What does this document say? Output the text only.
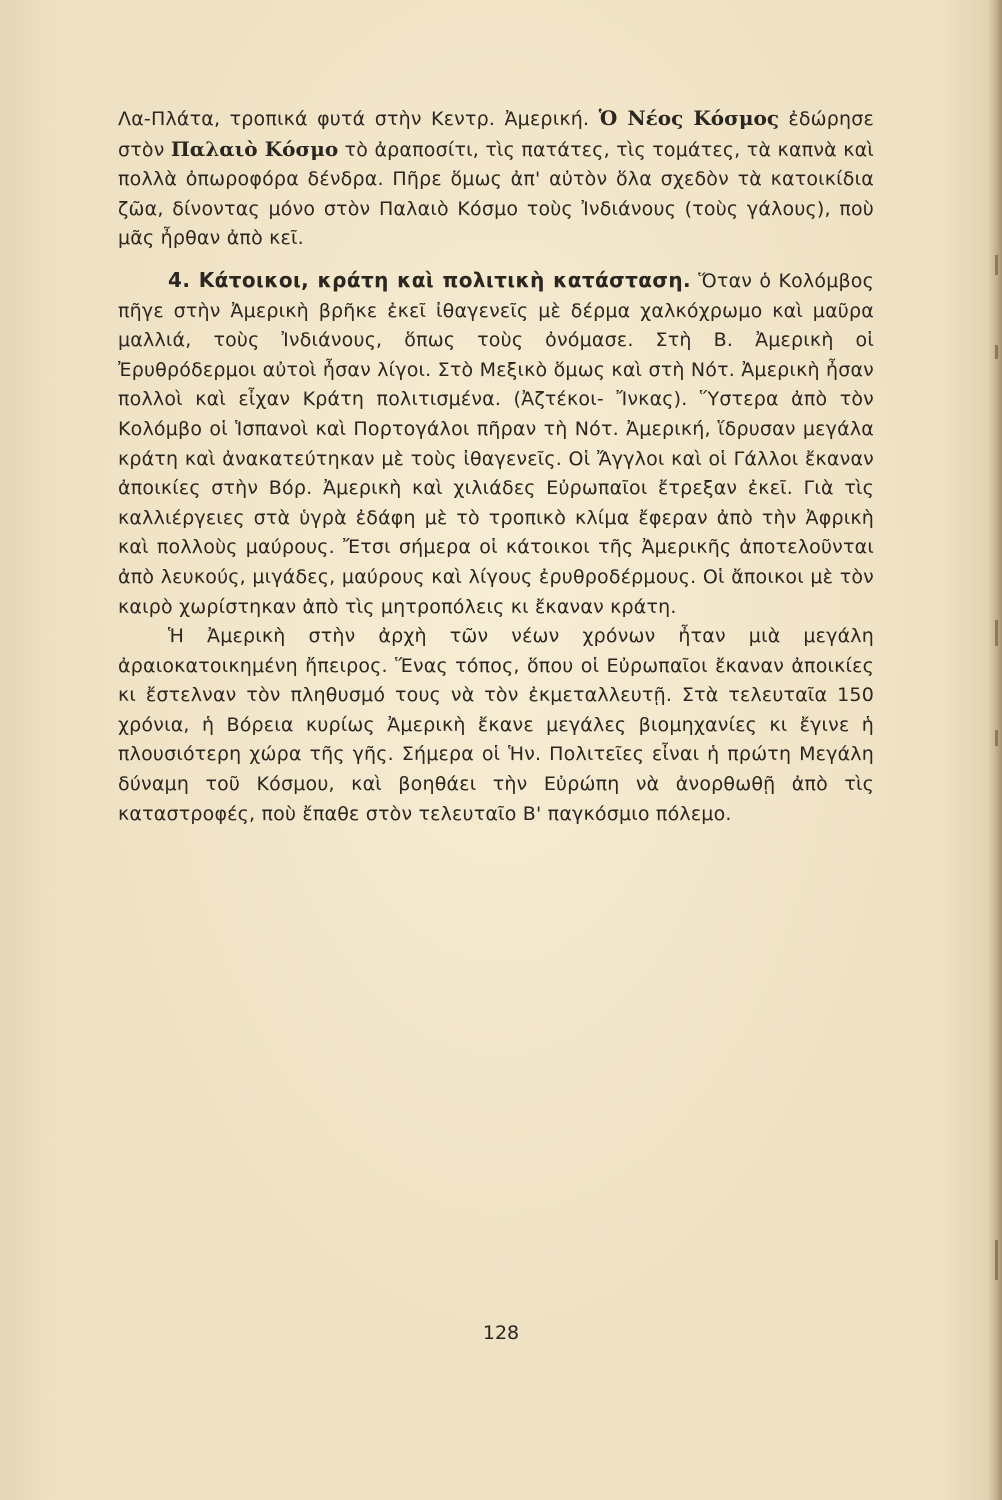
Λα-Πλάτα, τροπικά φυτά στὴν Κεντρ. Ἀμερική. Ὁ Νέος Κόσμος ἐδώρησε στὸν Παλαιὸ Κόσμο τὸ ἀραποσίτι, τὶς πατάτες, τὶς τομάτες, τὰ καπνὰ καὶ πολλὰ ὀπωροφόρα δένδρα. Πῆρε ὅμως ἀπ' αὐτὸν ὅλα σχεδὸν τὰ κατοικίδια ζῶα, δίνοντας μόνο στὸν Παλαιὸ Κόσμο τοὺς Ἰνδιάνους (τοὺς γάλους), ποὺ μᾶς ἦρθαν ἀπὸ κεῖ.

4. Κάτοικοι, κράτη καὶ πολιτικὴ κατάσταση. Ὅταν ὁ Κολόμβος πῆγε στὴν Ἀμερικὴ βρῆκε ἐκεῖ ἰθαγενεῖς μὲ δέρμα χαλκόχρωμο καὶ μαῦρα μαλλιά, τοὺς Ἰνδιάνους, ὅπως τοὺς ὀνόμασε. Στὴ Β. Ἀμερικὴ οἱ Ἐρυθρόδερμοι αὐτοὶ ἦσαν λίγοι. Στὸ Μεξικὸ ὅμως καὶ στὴ Νότ. Ἀμερικὴ ἦσαν πολλοὶ καὶ εἶχαν Κράτη πολιτισμένα. (Ἀζτέκοι- Ἴνκας). Ὕστερα ἀπὸ τὸν Κολόμβο οἱ Ἱσπανοὶ καὶ Πορτογάλοι πῆραν τὴ Νότ. Ἀμερική, ἵδρυσαν μεγάλα κράτη καὶ ἀνακατεύτηκαν μὲ τοὺς ἰθαγενεῖς. Οἱ Ἄγγλοι καὶ οἱ Γάλλοι ἔκαναν ἀποικίες στὴν Βόρ. Ἀμερικὴ καὶ χιλιάδες Εὐρωπαῖοι ἔτρεξαν ἐκεῖ. Γιὰ τὶς καλλιέργειες στὰ ὑγρὰ ἐδάφη μὲ τὸ τροπικὸ κλίμα ἔφεραν ἀπὸ τὴν Ἀφρικὴ καὶ πολλοὺς μαύρους. Ἔτσι σήμερα οἱ κάτοικοι τῆς Ἀμερικῆς ἀποτελοῦνται ἀπὸ λευκούς, μιγάδες, μαύρους καὶ λίγους ἐρυθροδέρμους. Οἱ ἄποικοι μὲ τὸν καιρὸ χωρίστηκαν ἀπὸ τὶς μητροπόλεις κι ἔκαναν κράτη.

Ἡ Ἀμερικὴ στὴν ἀρχὴ τῶν νέων χρόνων ἦταν μιὰ μεγάλη ἀραιοκατοικημένη ἤπειρος. Ἕνας τόπος, ὅπου οἱ Εὐρωπαῖοι ἔκαναν ἀποικίες κι ἔστελναν τὸν πληθυσμό τους νὰ τὸν ἐκμεταλλευτῇ. Στὰ τελευταῖα 150 χρόνια, ἡ Βόρεια κυρίως Ἀμερικὴ ἔκανε μεγάλες βιομηχανίες κι ἔγινε ἡ πλουσιότερη χώρα τῆς γῆς. Σήμερα οἱ Ἡν. Πολιτεῖες εἶναι ἡ πρώτη Μεγάλη δύναμη τοῦ Κόσμου, καὶ βοηθάει τὴν Εὐρώπη νὰ ἀνορθωθῇ ἀπὸ τὶς καταστροφές, ποὺ ἔπαθε στὸν τελευταῖο Β' παγκόσμιο πόλεμο.

128
